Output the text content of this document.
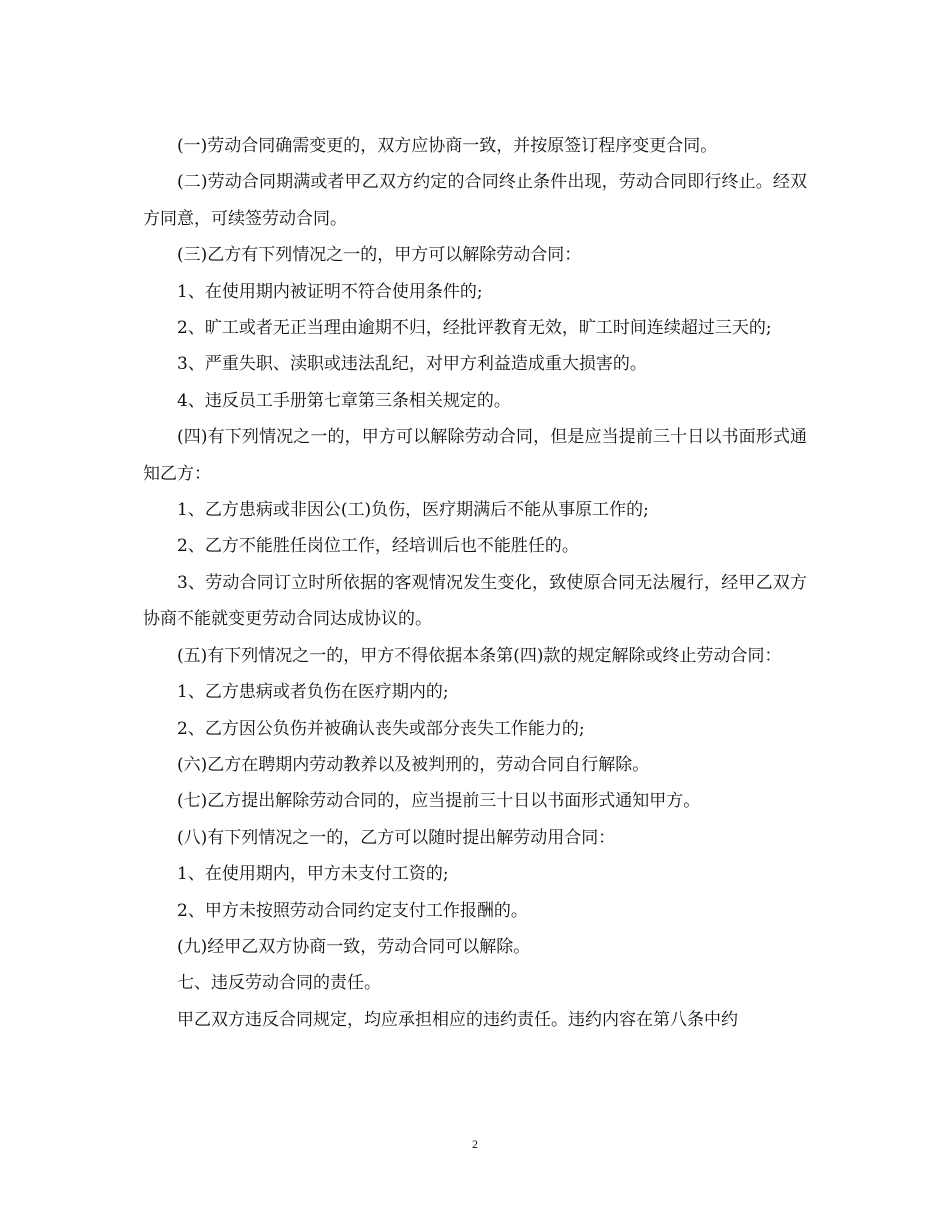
(一)劳动合同确需变更的，双方应协商一致，并按原签订程序变更合同。

(二)劳动合同期满或者甲乙双方约定的合同终止条件出现，劳动合同即行终止。经双方同意，可续签劳动合同。

(三)乙方有下列情况之一的，甲方可以解除劳动合同：

1、在使用期内被证明不符合使用条件的;

2、旷工或者无正当理由逾期不归，经批评教育无效，旷工时间连续超过三天的;

3、严重失职、渎职或违法乱纪，对甲方利益造成重大损害的。

4、违反员工手册第七章第三条相关规定的。

(四)有下列情况之一的，甲方可以解除劳动合同，但是应当提前三十日以书面形式通知乙方：

1、乙方患病或非因公(工)负伤，医疗期满后不能从事原工作的;

2、乙方不能胜任岗位工作，经培训后也不能胜任的。

3、劳动合同订立时所依据的客观情况发生变化，致使原合同无法履行，经甲乙双方协商不能就变更劳动合同达成协议的。

(五)有下列情况之一的，甲方不得依据本条第(四)款的规定解除或终止劳动合同：

1、乙方患病或者负伤在医疗期内的;

2、乙方因公负伤并被确认丧失或部分丧失工作能力的;

(六)乙方在聘期内劳动教养以及被判刑的，劳动合同自行解除。

(七)乙方提出解除劳动合同的，应当提前三十日以书面形式通知甲方。

(八)有下列情况之一的，乙方可以随时提出解劳动用合同：

1、在使用期内，甲方未支付工资的;

2、甲方未按照劳动合同约定支付工作报酬的。

(九)经甲乙双方协商一致，劳动合同可以解除。

七、违反劳动合同的责任。

甲乙双方违反合同规定，均应承担相应的违约责任。违约内容在第八条中约

2
